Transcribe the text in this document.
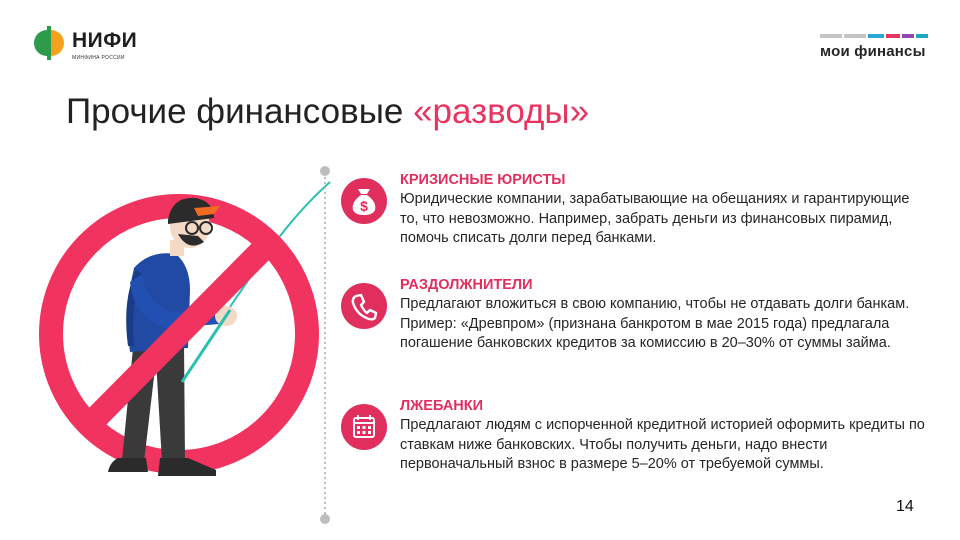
НИФИ
МИНФИНА РОССИИ	мои финансы
Прочие финансовые «разводы»
$
КРИЗИСНЫЕ ЮРИСТЫ
Юридические компании, зарабатывающие на обещаниях и гарантирующие то, что невозможно. Например, забрать деньги из финансовых пирамид, помочь списать долги перед банками.
РАЗДОЛЖНИТЕЛИ
Предлагают вложиться в свою компанию, чтобы не отдавать долги банкам. Пример: «Древпром» (признана банкротом в мае 2015 года) предлагала погашение банковских кредитов за комиссию в 20–30% от суммы займа.
ЛЖЕБАНКИ
Предлагают людям с испорченной кредитной историей оформить кредиты по ставкам ниже банковских. Чтобы получить деньги, надо внести первоначальный взнос в размере 5–20% от требуемой суммы.
14
